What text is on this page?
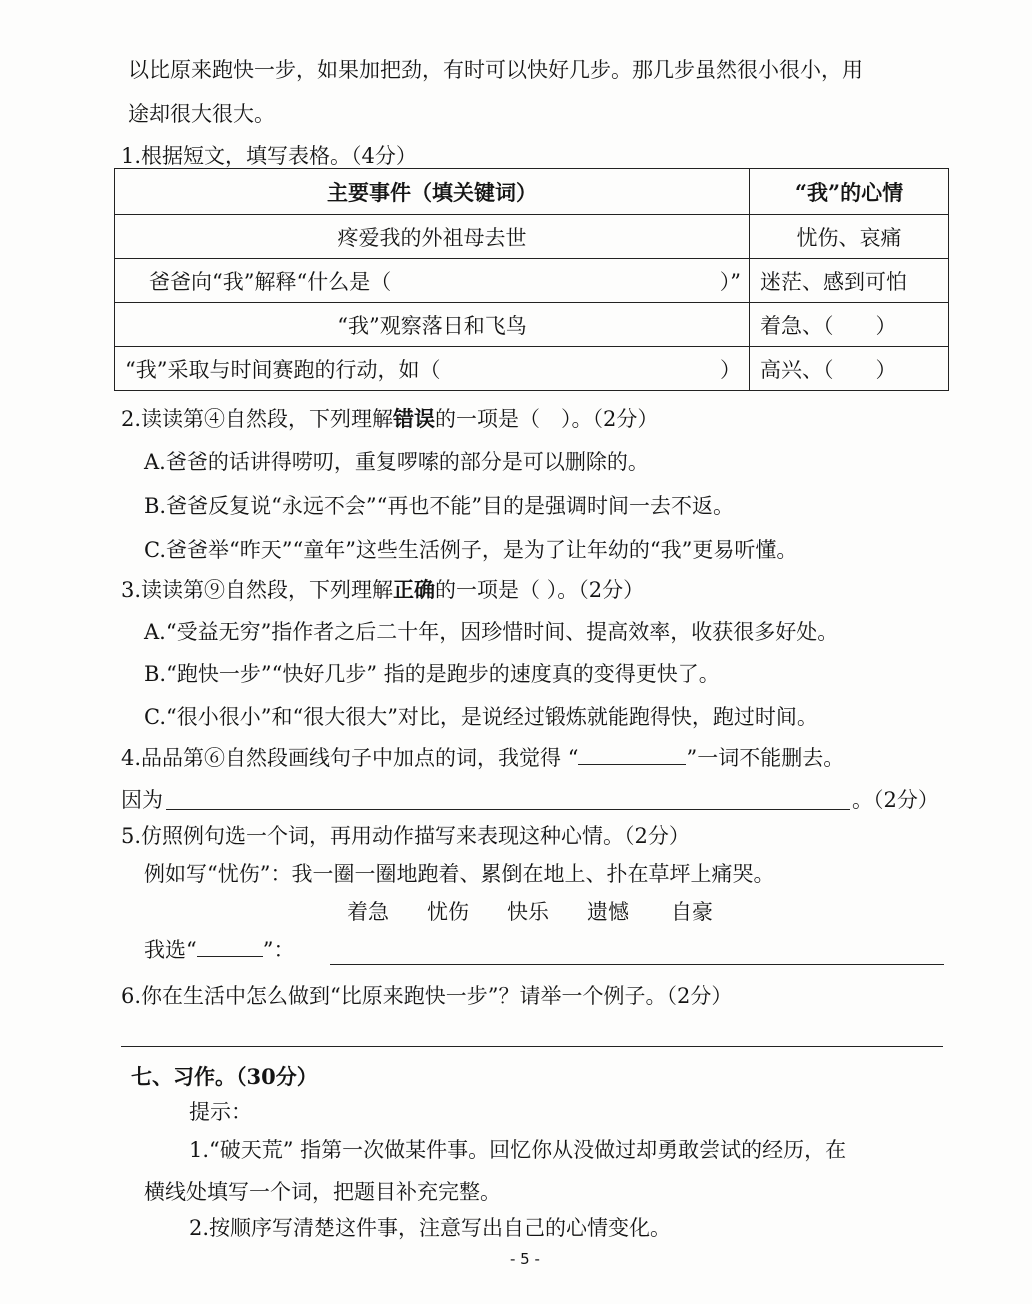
以比原来跑快一步，如果加把劲，有时可以快好几步。那几步虽然很小很小，用
途却很大很大。
1.根据短文，填写表格。（4分）
主要事件（填关键词）	“我”的心情
疼爱我的外祖母去世	忧伤、哀痛
爸爸向“我”解释“什么是（ ）”	迷茫、感到可怕
“我”观察落日和飞鸟	着急、（　　）
“我”采取与时间赛跑的行动，如（ ）	高兴、（　　）
2.读读第④自然段，下列理解错误的一项是（　）。（2分）
A.爸爸的话讲得唠叨，重复啰嗦的部分是可以删除的。
B.爸爸反复说“永远不会”“再也不能”目的是强调时间一去不返。
C.爸爸举“昨天”“童年”这些生活例子，是为了让年幼的“我”更易听懂。
3.读读第⑨自然段，下列理解正确的一项是（ ）。（2分）
A.“受益无穷”指作者之后二十年，因珍惜时间、提高效率，收获很多好处。
B.“跑快一步”“快好几步” 指的是跑步的速度真的变得更快了。
C.“很小很小”和“很大很大”对比，是说经过锻炼就能跑得快，跑过时间。
4.品品第⑥自然段画线句子中加点的词，我觉得 “	”一词不能删去。
因为	。（2分）
5.仿照例句选一个词，再用动作描写来表现这种心情。（2分）
例如写“忧伤”：我一圈一圈地跑着、累倒在地上、扑在草坪上痛哭。
着急 忧伤 快乐 遗憾 自豪
我选“	”：
6.你在生活中怎么做到“比原来跑快一步”？请举一个例子。（2分）
七、习作。（30分）
提示：
1.“破天荒” 指第一次做某件事。回忆你从没做过却勇敢尝试的经历，在
横线处填写一个词，把题目补充完整。
2.按顺序写清楚这件事，注意写出自己的心情变化。
- 5 -
